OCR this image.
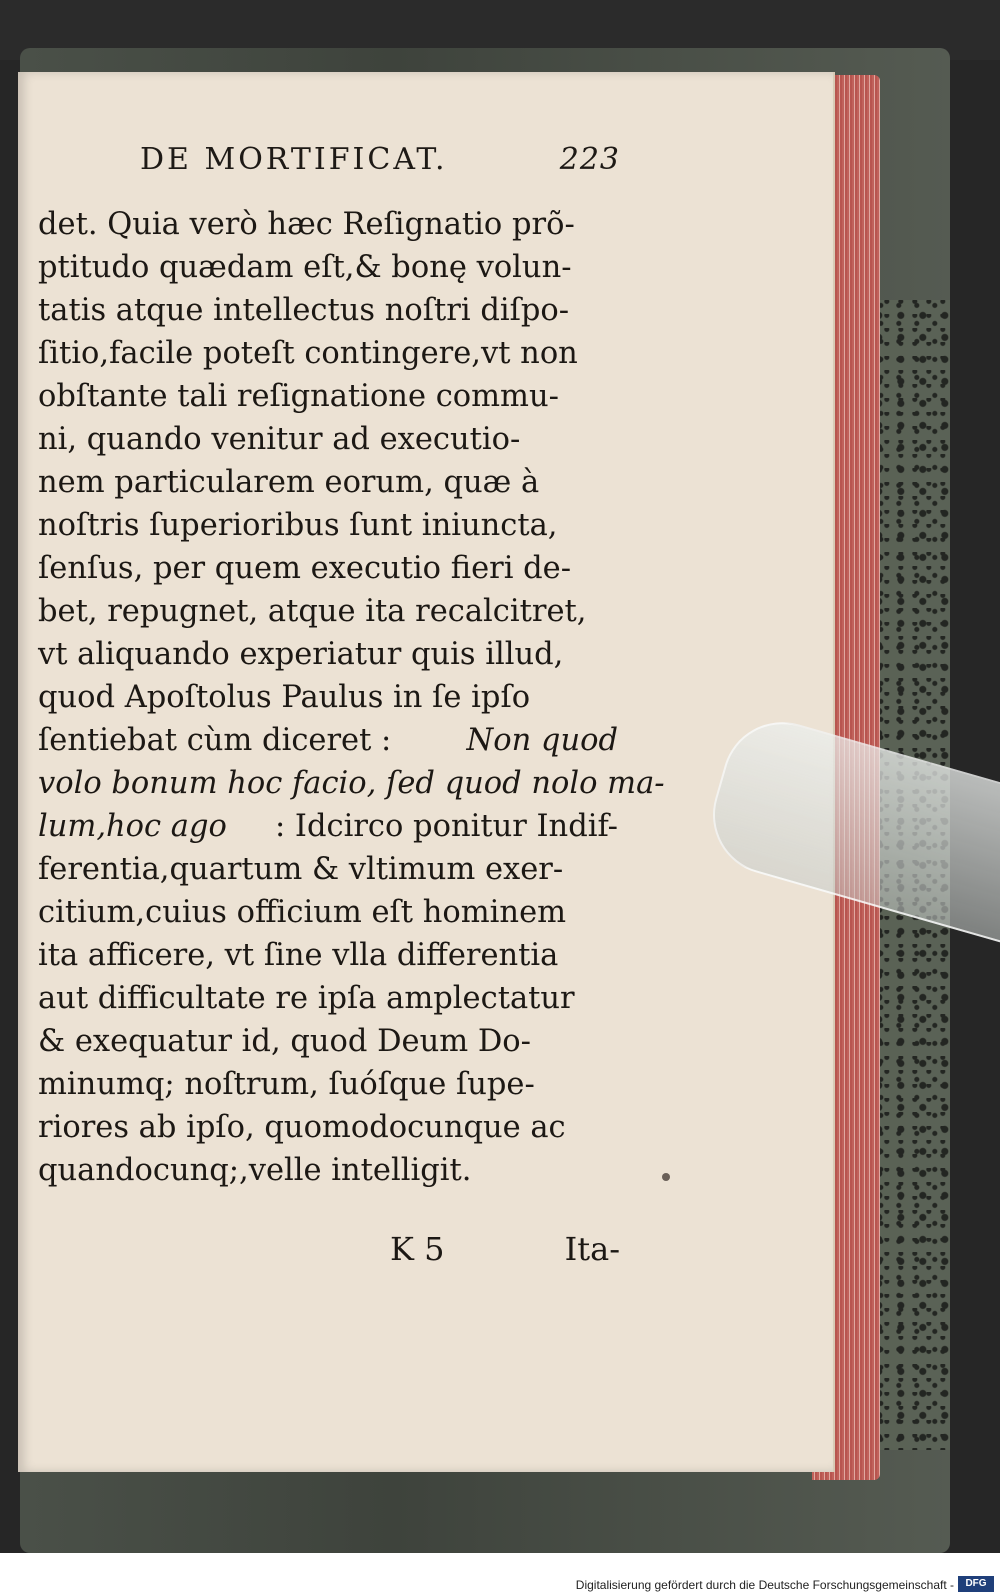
DE MORTIFICAT.	223
det. Quia verò hæc Reſignatio prõ-
ptitudo quædam eſt,& bonę volun-
tatis atque intellectus noſtri diſpo-
ſitio,facile poteſt contingere,vt non
obſtante tali reſignatione commu-
ni, quando venitur ad executio-
nem particularem eorum, quæ à
noſtris ſuperioribus ſunt iniuncta,
ſenſus, per quem executio fieri de-
bet, repugnet, atque ita recalcitret,
vt aliquando experiatur quis illud,
quod Apoſtolus Paulus in ſe ipſo
ſentiebat cùm diceret : Non quod
volo bonum hoc facio, ſed quod nolo ma-
lum,hoc ago : Idcirco ponitur Indif-
ferentia,quartum & vltimum exer-
citium,cuius officium eſt hominem
ita afficere, vt ſine vlla differentia
aut difficultate re ipſa amplectatur
& exequatur id, quod Deum Do-
minumq; noſtrum, ſuóſque ſupe-
riores ab ipſo, quomodocunque ac
quandocunq;,velle intelligit.
K 5	Ita-
Digitalisierung gefördert durch die Deutsche Forschungsgemeinschaft -	DFG
